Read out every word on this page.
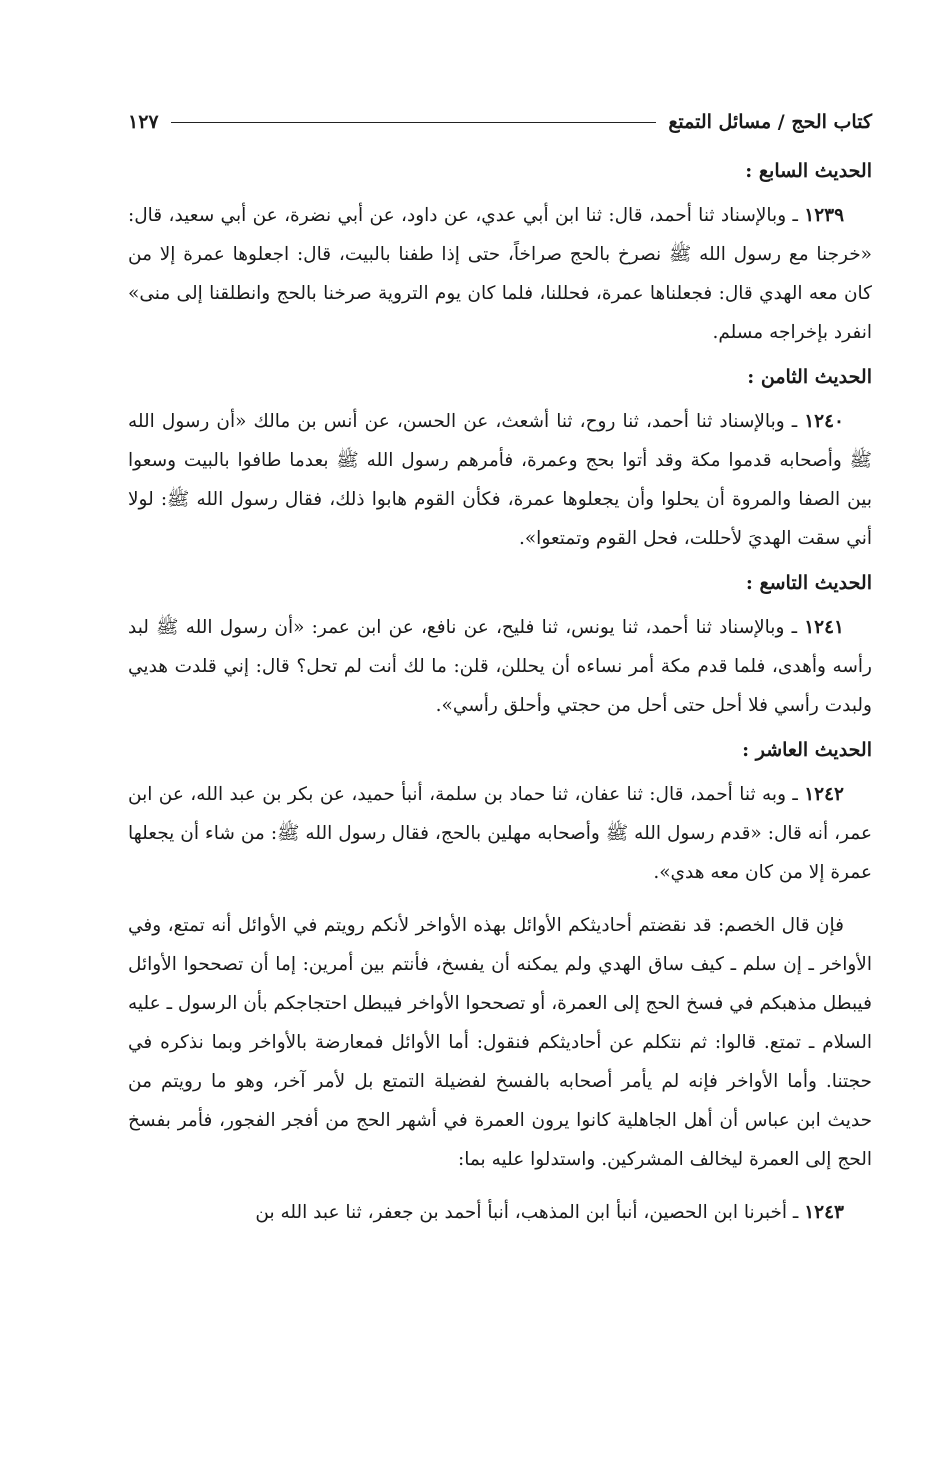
كتاب الحج / مسائل التمتع
١٢٧
الحديث السابع :

١٢٣٩ ـ وبالإسناد ثنا أحمد، قال: ثنا ابن أبي عدي، عن داود، عن أبي نضرة، عن أبي سعيد، قال: «خرجنا مع رسول الله ﷺ نصرخ بالحج صراخاً، حتى إذا طفنا بالبيت، قال: اجعلوها عمرة إلا من كان معه الهدي قال: فجعلناها عمرة، فحللنا، فلما كان يوم التروية صرخنا بالحج وانطلقنا إلى منى» انفرد بإخراجه مسلم.

الحديث الثامن :

١٢٤٠ ـ وبالإسناد ثنا أحمد، ثنا روح، ثنا أشعث، عن الحسن، عن أنس بن مالك «أن رسول الله ﷺ وأصحابه قدموا مكة وقد أتوا بحج وعمرة، فأمرهم رسول الله ﷺ بعدما طافوا بالبيت وسعوا بين الصفا والمروة أن يحلوا وأن يجعلوها عمرة، فكأن القوم هابوا ذلك، فقال رسول الله ﷺ: لولا أني سقت الهديَ لأحللت، فحل القوم وتمتعوا».

الحديث التاسع :

١٢٤١ ـ وبالإسناد ثنا أحمد، ثنا يونس، ثنا فليح، عن نافع، عن ابن عمر: «أن رسول الله ﷺ لبد رأسه وأهدى، فلما قدم مكة أمر نساءه أن يحللن، قلن: ما لك أنت لم تحل؟ قال: إني قلدت هديي ولبدت رأسي فلا أحل حتى أحل من حجتي وأحلق رأسي».

الحديث العاشر :

١٢٤٢ ـ وبه ثنا أحمد، قال: ثنا عفان، ثنا حماد بن سلمة، أنبأ حميد، عن بكر بن عبد الله، عن ابن عمر، أنه قال: «قدم رسول الله ﷺ وأصحابه مهلين بالحج، فقال رسول الله ﷺ: من شاء أن يجعلها عمرة إلا من كان معه هدي».

فإن قال الخصم: قد نقضتم أحاديثكم الأوائل بهذه الأواخر لأنكم رويتم في الأوائل أنه تمتع، وفي الأواخر ـ إن سلم ـ كيف ساق الهدي ولم يمكنه أن يفسخ، فأنتم بين أمرين: إما أن تصححوا الأوائل فيبطل مذهبكم في فسخ الحج إلى العمرة، أو تصححوا الأواخر فيبطل احتجاجكم بأن الرسول ـ عليه السلام ـ تمتع. قالوا: ثم نتكلم عن أحاديثكم فنقول: أما الأوائل فمعارضة بالأواخر وبما نذكره في حجتنا. وأما الأواخر فإنه لم يأمر أصحابه بالفسخ لفضيلة التمتع بل لأمر آخر، وهو ما رويتم من حديث ابن عباس أن أهل الجاهلية كانوا يرون العمرة في أشهر الحج من أفجر الفجور، فأمر بفسخ الحج إلى العمرة ليخالف المشركين. واستدلوا عليه بما:

١٢٤٣ ـ أخبرنا ابن الحصين، أنبأ ابن المذهب، أنبأ أحمد بن جعفر، ثنا عبد الله بن
